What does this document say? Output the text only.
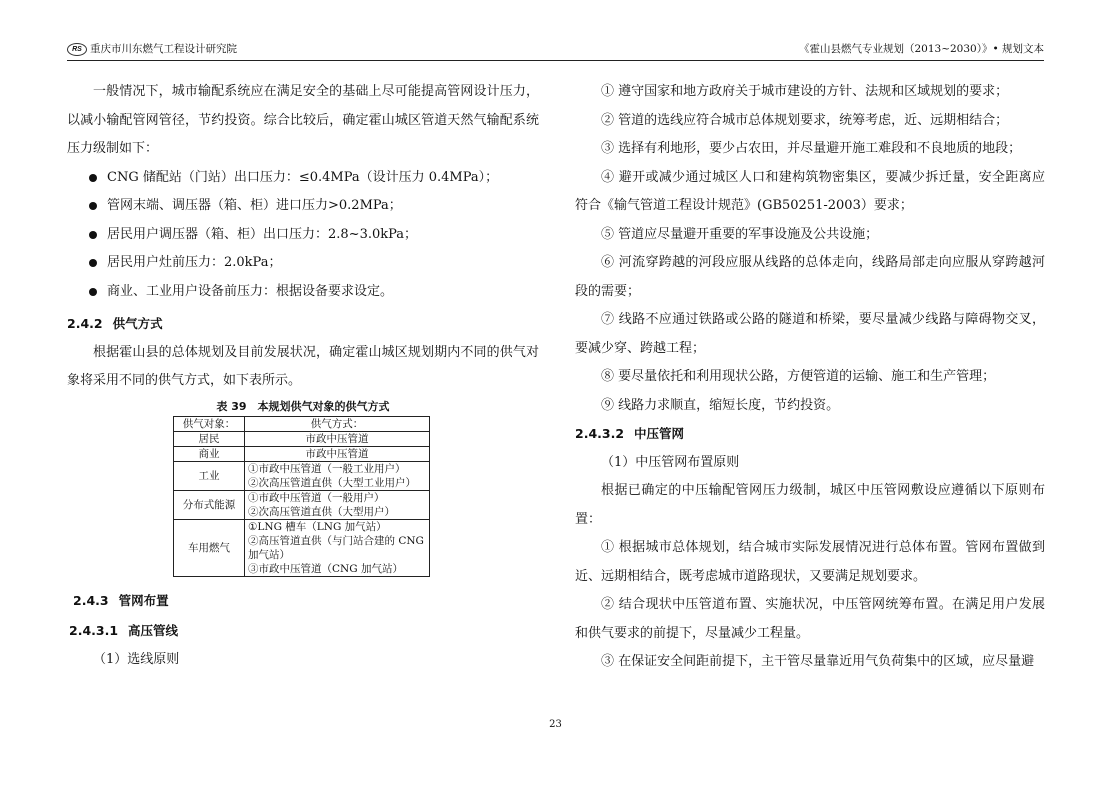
RS 重庆市川东燃气工程设计研究院	《霍山县燃气专业规划（2013~2030）》• 规划文本

一般情况下，城市输配系统应在满足安全的基础上尽可能提高管网设计压力，以减小输配管网管径，节约投资。综合比较后，确定霍山城区管道天然气输配系统压力级制如下：

CNG 储配站（门站）出口压力：≤0.4MPa（设计压力 0.4MPa）；

管网末端、调压器（箱、柜）进口压力>0.2MPa；

居民用户调压器（箱、柜）出口压力：2.8~3.0kPa；

居民用户灶前压力：2.0kPa；

商业、工业用户设备前压力：根据设备要求设定。

2.4.2 供气方式

根据霍山县的总体规划及目前发展状况，确定霍山城区规划期内不同的供气对象将采用不同的供气方式，如下表所示。

表 39　本规划供气对象的供气方式
供气对象：	供气方式：
居民	市政中压管道
商业	市政中压管道
工业	①市政中压管道（一般工业用户）
②次高压管道直供（大型工业用户）

分布式能源	①市政中压管道（一般用户）
②次高压管道直供（大型用户）

车用燃气	①LNG 槽车（LNG 加气站）
②高压管道直供（与门站合建的 CNG 加气站）
③市政中压管道（CNG 加气站）

2.4.3 管网布置

2.4.3.1 高压管线

（1）选线原则

① 遵守国家和地方政府关于城市建设的方针、法规和区域规划的要求；

② 管道的选线应符合城市总体规划要求，统筹考虑，近、远期相结合；

③ 选择有利地形，要少占农田，并尽量避开施工难段和不良地质的地段；

④ 避开或减少通过城区人口和建构筑物密集区，要减少拆迁量，安全距离应符合《输气管道工程设计规范》(GB50251-2003）要求；

⑤ 管道应尽量避开重要的军事设施及公共设施；

⑥ 河流穿跨越的河段应服从线路的总体走向，线路局部走向应服从穿跨越河段的需要；

⑦ 线路不应通过铁路或公路的隧道和桥梁，要尽量减少线路与障碍物交叉，要减少穿、跨越工程；

⑧ 要尽量依托和利用现状公路，方便管道的运输、施工和生产管理；

⑨ 线路力求顺直，缩短长度，节约投资。

2.4.3.2 中压管网

（1）中压管网布置原则

根据已确定的中压输配管网压力级制，城区中压管网敷设应遵循以下原则布置：

① 根据城市总体规划，结合城市实际发展情况进行总体布置。管网布置做到近、远期相结合，既考虑城市道路现状，又要满足规划要求。

② 结合现状中压管道布置、实施状况，中压管网统筹布置。在满足用户发展和供气要求的前提下，尽量减少工程量。

③ 在保证安全间距前提下，主干管尽量靠近用气负荷集中的区域，应尽量避

23
